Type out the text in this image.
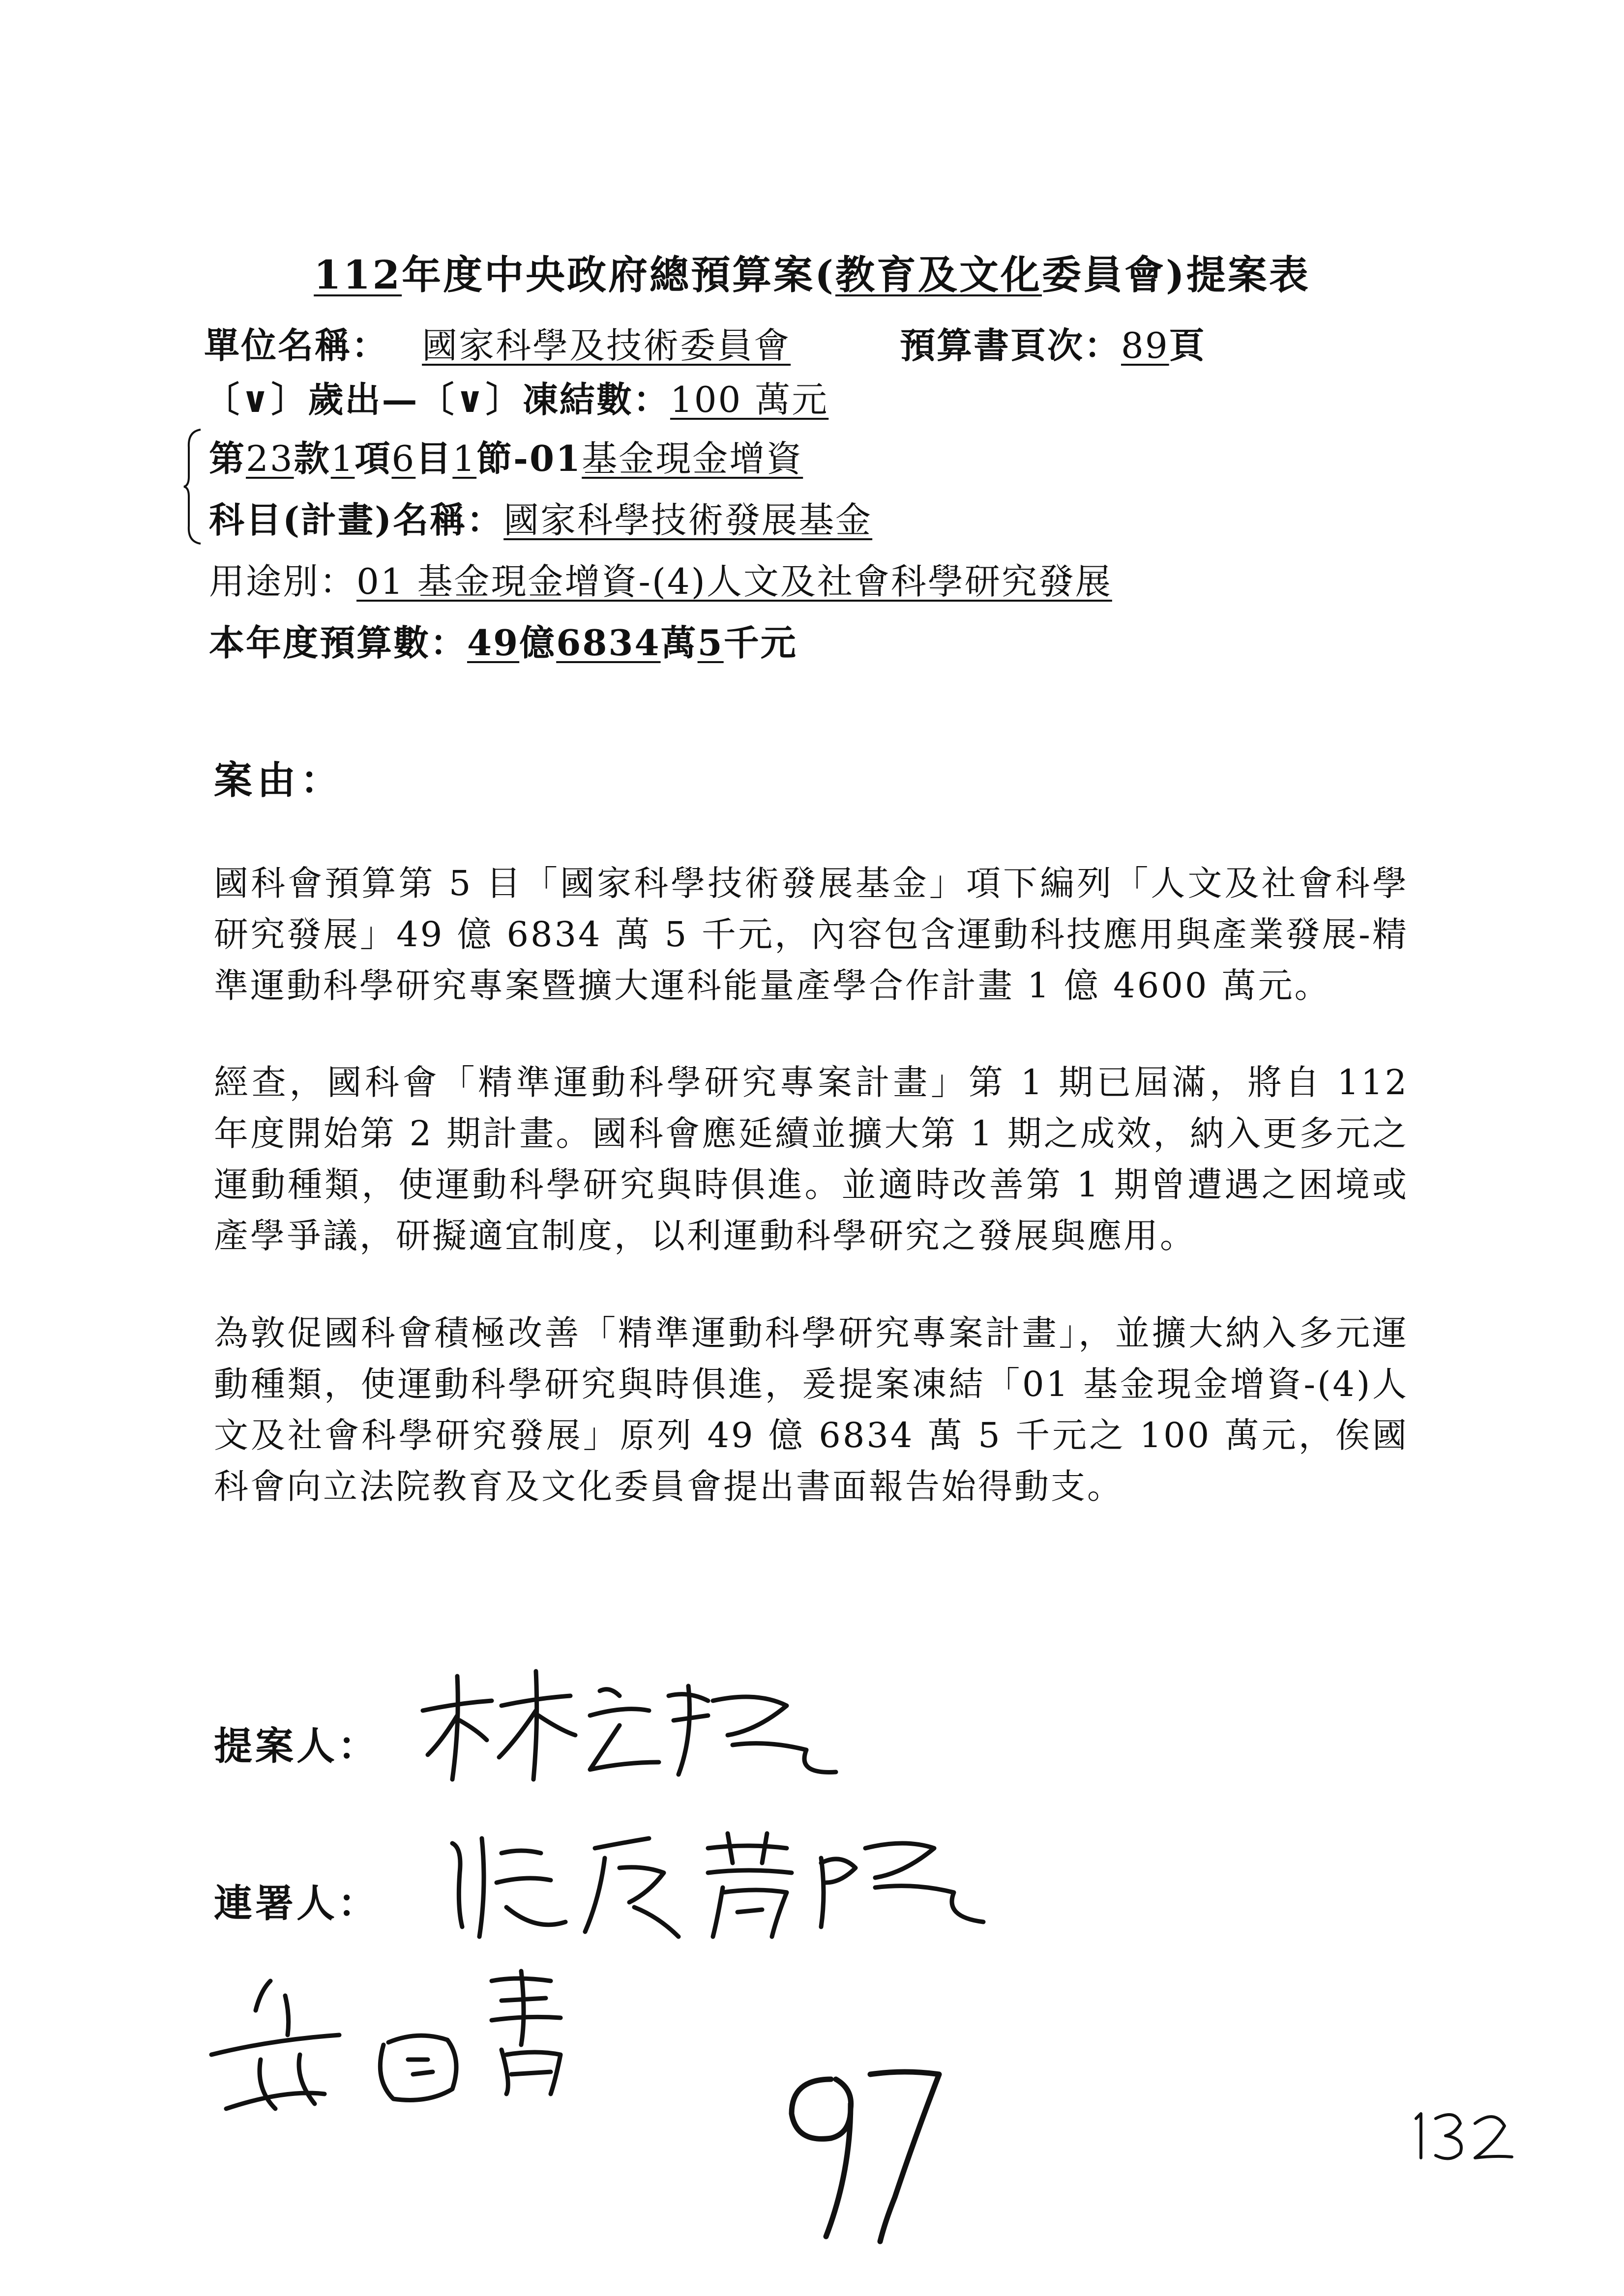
112年度中央政府總預算案(教育及文化委員會)提案表
單位名稱： 國家科學及技術委員會	預算書頁次：89頁
〔∨〕歲出—〔∨〕凍結數：100 萬元
第23款1項6目1節-01基金現金增資
科目(計畫)名稱：國家科學技術發展基金
用途別：01 基金現金增資-(4)人文及社會科學研究發展
本年度預算數：49億6834萬5千元
案由：
國科會預算第 5 目「國家科學技術發展基金」項下編列「人文及社會科學研究發展」49 億 6834 萬 5 千元，內容包含運動科技應用與產業發展-精準運動科學研究專案暨擴大運科能量產學合作計畫 1 億 4600 萬元。
經查，國科會「精準運動科學研究專案計畫」第 1 期已屆滿，將自 112 年度開始第 2 期計畫。國科會應延續並擴大第 1 期之成效，納入更多元之運動種類，使運動科學研究與時俱進。並適時改善第 1 期曾遭遇之困境或產學爭議，研擬適宜制度，以利運動科學研究之發展與應用。
為敦促國科會積極改善「精準運動科學研究專案計畫」，並擴大納入多元運動種類，使運動科學研究與時俱進，爰提案凍結「01 基金現金增資-(4)人文及社會科學研究發展」原列 49 億 6834 萬 5 千元之 100 萬元，俟國科會向立法院教育及文化委員會提出書面報告始得動支。
提案人：
連署人：
